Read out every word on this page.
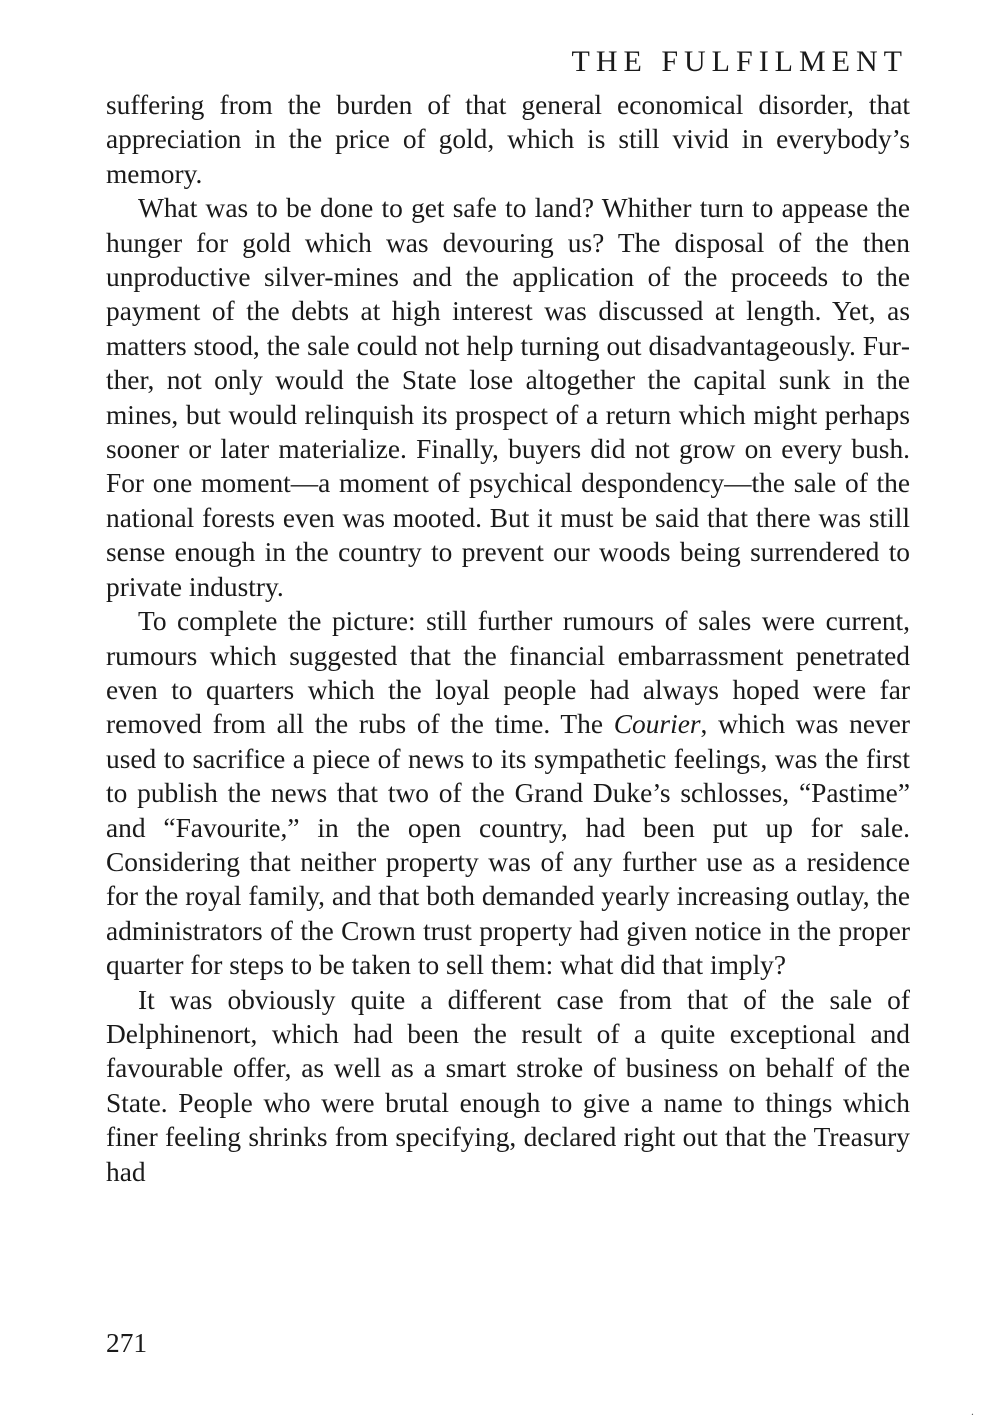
THE FULFILMENT

suffering from the burden of that general economical disorder, that appreciation in the price of gold, which is still vivid in everybody’s memory.

What was to be done to get safe to land? Whither turn to appease the hunger for gold which was devouring us? The disposal of the then unproductive silver-mines and the application of the proceeds to the payment of the debts at high interest was discussed at length. Yet, as matters stood, the sale could not help turning out disadvantageously. Further, not only would the State lose altogether the capital sunk in the mines, but would relinquish its prospect of a return which might perhaps sooner or later materialize. Finally, buyers did not grow on every bush. For one moment—a moment of psychical despondency—the sale of the national forests even was mooted. But it must be said that there was still sense enough in the country to prevent our woods being surrendered to private industry.

To complete the picture: still further rumours of sales were current, rumours which suggested that the financial embarrassment penetrated even to quarters which the loyal people had always hoped were far removed from all the rubs of the time. The Courier, which was never used to sacrifice a piece of news to its sympathetic feelings, was the first to publish the news that two of the Grand Duke’s schlosses, “Pastime” and “Favourite,” in the open country, had been put up for sale. Considering that neither property was of any further use as a residence for the royal family, and that both demanded yearly increasing outlay, the administrators of the Crown trust property had given notice in the proper quarter for steps to be taken to sell them: what did that imply?

It was obviously quite a different case from that of the sale of Delphinenort, which had been the result of a quite exceptional and favourable offer, as well as a smart stroke of business on behalf of the State. People who were brutal enough to give a name to things which finer feeling shrinks from specifying, declared right out that the Treasury had

271
·
